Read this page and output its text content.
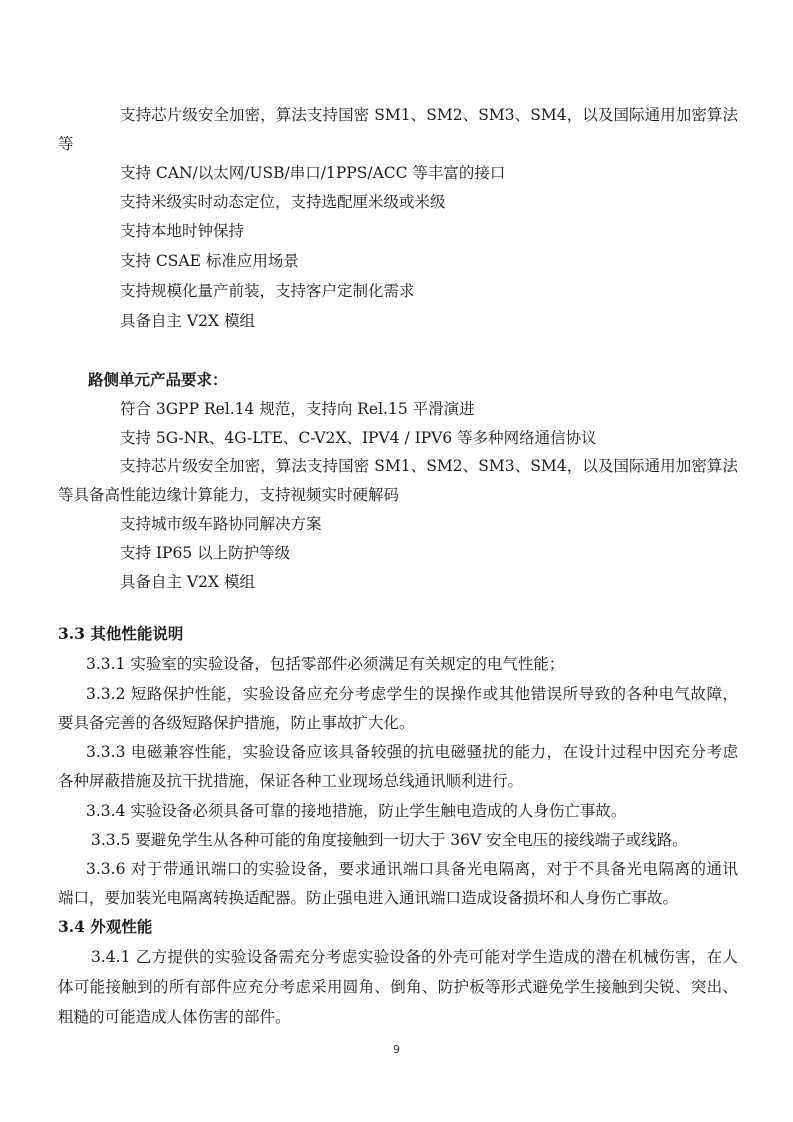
支持芯片级安全加密，算法支持国密 SM1、SM2、SM3、SM4，以及国际通用加密算法
等
支持 CAN/以太网/USB/串口/1PPS/ACC 等丰富的接口
支持米级实时动态定位，支持选配厘米级或米级
支持本地时钟保持
支持 CSAE 标准应用场景
支持规模化量产前装，支持客户定制化需求
具备自主 V2X 模组
路侧单元产品要求：
符合 3GPP Rel.14 规范，支持向 Rel.15 平滑演进
支持 5G-NR、4G-LTE、C-V2X、IPV4 / IPV6 等多种网络通信协议
支持芯片级安全加密，算法支持国密 SM1、SM2、SM3、SM4，以及国际通用加密算法
等具备高性能边缘计算能力，支持视频实时硬解码
支持城市级车路协同解决方案
支持 IP65 以上防护等级
具备自主 V2X 模组
3.3 其他性能说明
3.3.1 实验室的实验设备，包括零部件必须满足有关规定的电气性能；
3.3.2 短路保护性能，实验设备应充分考虑学生的误操作或其他错误所导致的各种电气故障，
要具备完善的各级短路保护措施，防止事故扩大化。
3.3.3 电磁兼容性能，实验设备应该具备较强的抗电磁骚扰的能力，在设计过程中因充分考虑
各种屏蔽措施及抗干扰措施，保证各种工业现场总线通讯顺利进行。
3.3.4 实验设备必须具备可靠的接地措施，防止学生触电造成的人身伤亡事故。
3.3.5 要避免学生从各种可能的角度接触到一切大于 36V 安全电压的接线端子或线路。
3.3.6 对于带通讯端口的实验设备，要求通讯端口具备光电隔离，对于不具备光电隔离的通讯
端口，要加装光电隔离转换适配器。防止强电进入通讯端口造成设备损坏和人身伤亡事故。
3.4 外观性能
3.4.1 乙方提供的实验设备需充分考虑实验设备的外壳可能对学生造成的潜在机械伤害，在人
体可能接触到的所有部件应充分考虑采用圆角、倒角、防护板等形式避免学生接触到尖锐、突出、
粗糙的可能造成人体伤害的部件。
9
